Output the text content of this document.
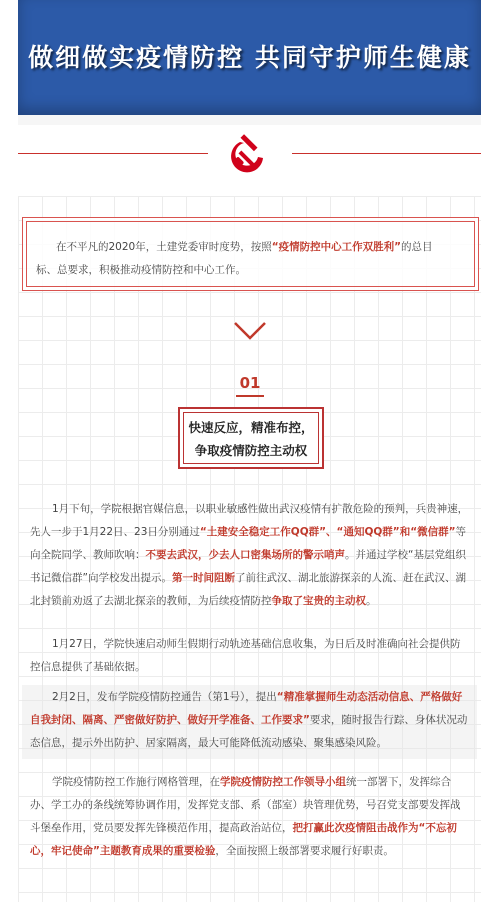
做细做实疫情防控 共同守护师生健康
在不平凡的2020年，土建党委审时度势，按照“疫情防控中心工作双胜利”的总目标、总要求，积极推动疫情防控和中心工作。
01
快速反应，精准布控，
争取疫情防控主动权
1月下旬，学院根据官媒信息，以职业敏感性做出武汉疫情有扩散危险的预判，兵贵神速，先人一步于1月22日、23日分别通过“土建安全稳定工作QQ群”、“通知QQ群”和“微信群”等向全院同学、教师吹响：不要去武汉，少去人口密集场所的警示哨声。并通过学校“基层党组织书记微信群”向学校发出提示。第一时间阻断了前往武汉、湖北旅游探亲的人流、赶在武汉、湖北封锁前劝返了去湖北探亲的教师，为后续疫情防控争取了宝贵的主动权。
1月27日，学院快速启动师生假期行动轨迹基础信息收集，为日后及时准确向社会提供防控信息提供了基础依据。
2月2日，发布学院疫情防控通告（第1号），提出“精准掌握师生动态活动信息、严格做好自我封闭、隔离、严密做好防护、做好开学准备、工作要求”要求，随时报告行踪、身体状况动态信息，提示外出防护、居家隔离，最大可能降低流动感染、聚集感染风险。
学院疫情防控工作施行网格管理，在学院疫情防控工作领导小组统一部署下，发挥综合办、学工办的条线统筹协调作用，发挥党支部、系（部室）块管理优势，号召党支部要发挥战斗堡垒作用，党员要发挥先锋模范作用，提高政治站位，把打赢此次疫情阻击战作为“不忘初心，牢记使命”主题教育成果的重要检验，全面按照上级部署要求履行好职责。
